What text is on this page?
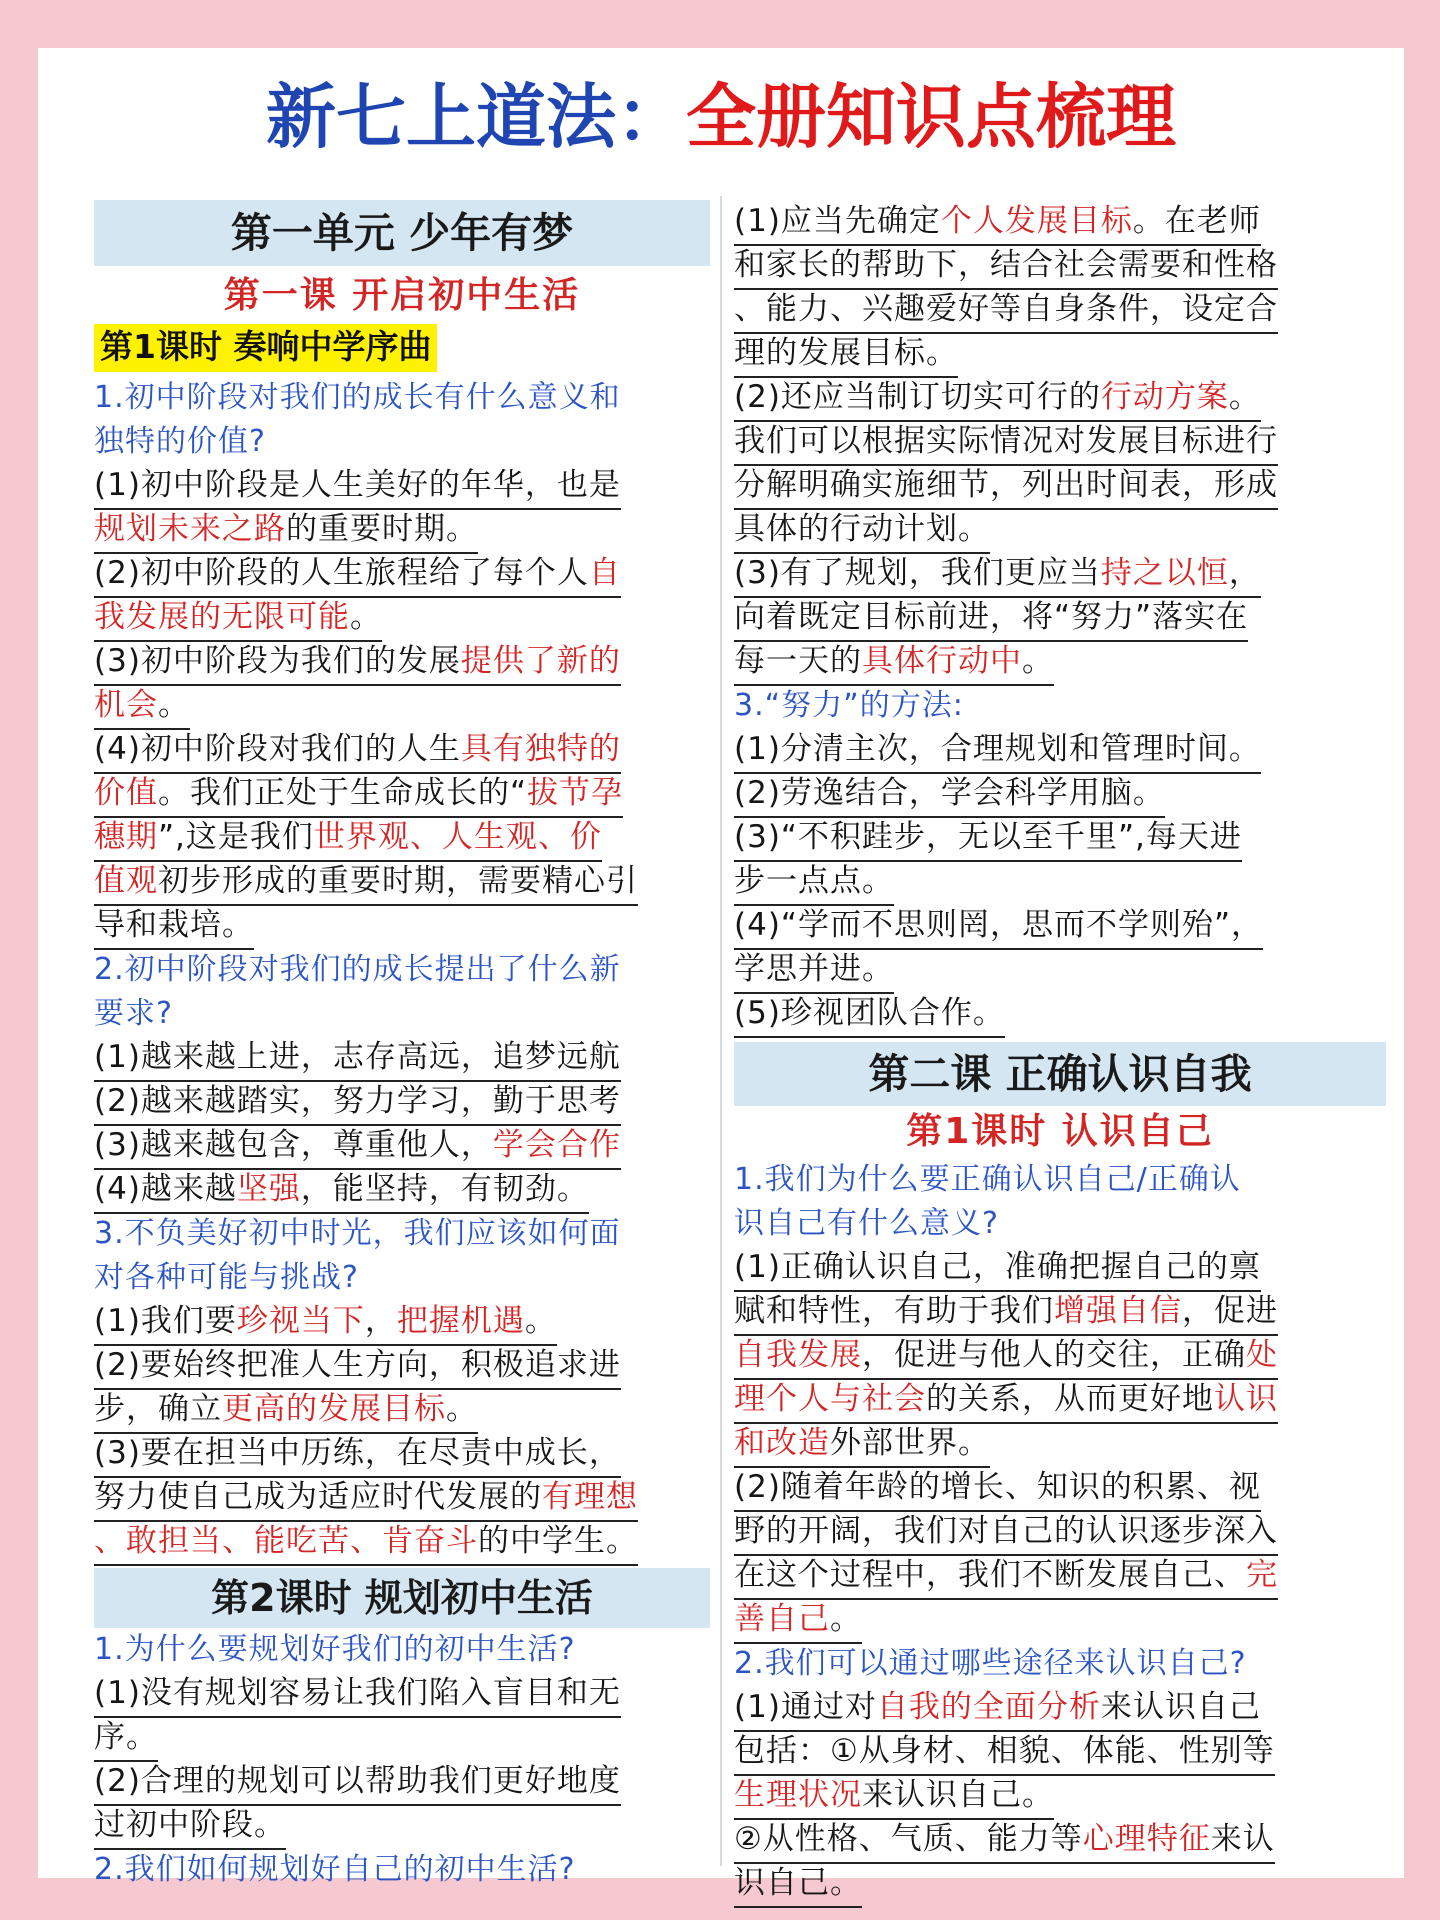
新七上道法：全册知识点梳理
第一单元 少年有梦
第一课 开启初中生活
第1课时 奏响中学序曲
1.初中阶段对我们的成长有什么意义和
独特的价值?
(1)初中阶段是人生美好的年华，也是
规划未来之路的重要时期。
(2)初中阶段的人生旅程给了每个人自
我发展的无限可能。
(3)初中阶段为我们的发展提供了新的
机会。
(4)初中阶段对我们的人生具有独特的
价值。我们正处于生命成长的“拔节孕
穗期”,这是我们世界观、人生观、价
值观初步形成的重要时期，需要精心引
导和栽培。
2.初中阶段对我们的成长提出了什么新
要求?
(1)越来越上进，志存高远，追梦远航
(2)越来越踏实，努力学习，勤于思考
(3)越来越包含，尊重他人，学会合作
(4)越来越坚强，能坚持，有韧劲。
3.不负美好初中时光，我们应该如何面
对各种可能与挑战?
(1)我们要珍视当下，把握机遇。
(2)要始终把准人生方向，积极追求进
步，确立更高的发展目标。
(3)要在担当中历练，在尽责中成长，
努力使自己成为适应时代发展的有理想
、敢担当、能吃苦、肯奋斗的中学生。
第2课时 规划初中生活
1.为什么要规划好我们的初中生活?
(1)没有规划容易让我们陷入盲目和无
序。
(2)合理的规划可以帮助我们更好地度
过初中阶段。
2.我们如何规划好自己的初中生活?
(1)应当先确定个人发展目标。在老师
和家长的帮助下，结合社会需要和性格
、能力、兴趣爱好等自身条件，设定合
理的发展目标。
(2)还应当制订切实可行的行动方案。
我们可以根据实际情况对发展目标进行
分解明确实施细节，列出时间表，形成
具体的行动计划。
(3)有了规划，我们更应当持之以恒，
向着既定目标前进，将“努力”落实在
每一天的具体行动中。
3.“努力”的方法:
(1)分清主次，合理规划和管理时间。
(2)劳逸结合，学会科学用脑。
(3)“不积跬步，无以至千里”,每天进
步一点点。
(4)“学而不思则罔，思而不学则殆”，
学思并进。
(5)珍视团队合作。
第二课 正确认识自我
第1课时 认识自己
1.我们为什么要正确认识自己/正确认
识自己有什么意义?
(1)正确认识自己，准确把握自己的禀
赋和特性，有助于我们增强自信，促进
自我发展，促进与他人的交往，正确处
理个人与社会的关系，从而更好地认识
和改造外部世界。
(2)随着年龄的增长、知识的积累、视
野的开阔，我们对自己的认识逐步深入
在这个过程中，我们不断发展自己、完
善自己。
2.我们可以通过哪些途径来认识自己?
(1)通过对自我的全面分析来认识自己
包括：①从身材、相貌、体能、性别等
生理状况来认识自己。
②从性格、气质、能力等心理特征来认
识自己。
